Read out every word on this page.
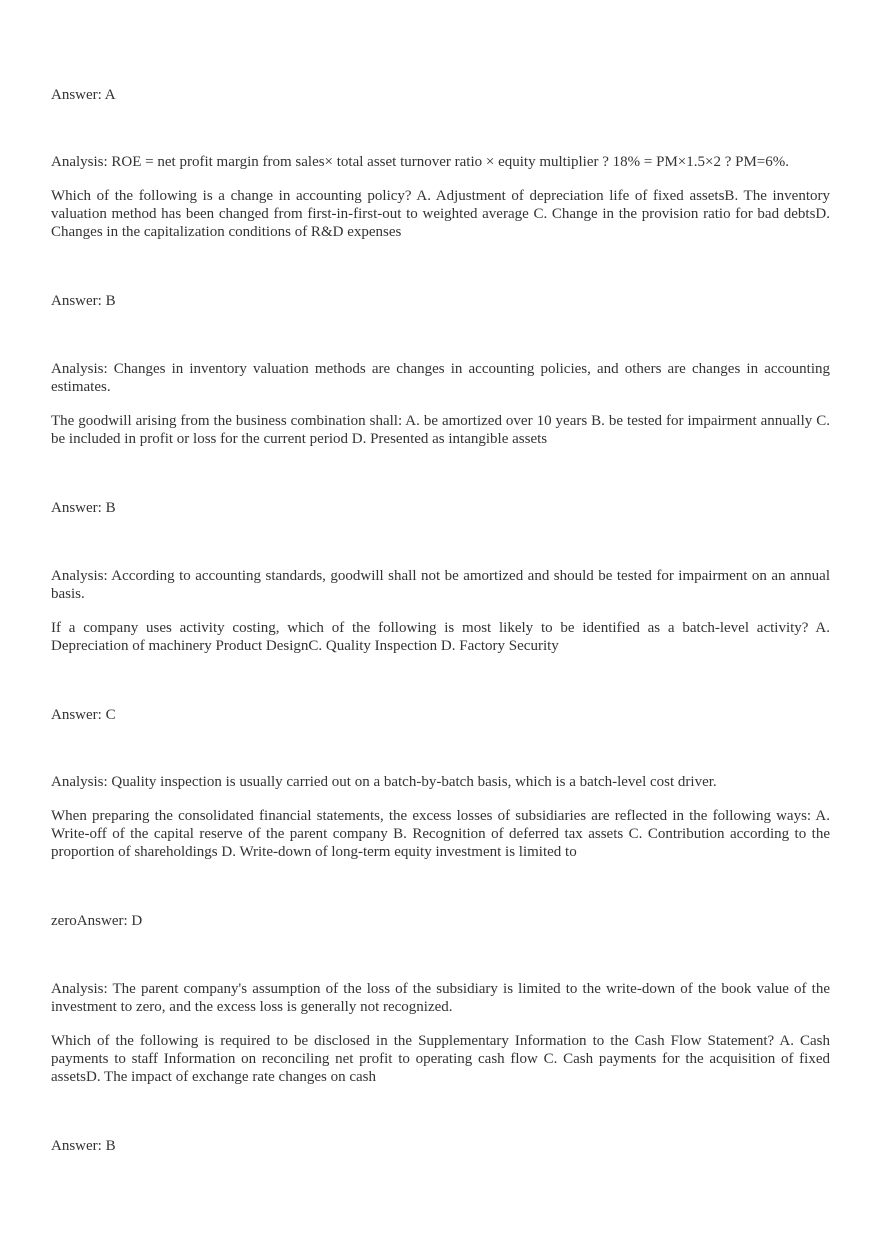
Answer: A

Analysis: ROE = net profit margin from sales× total asset turnover ratio × equity multiplier ? 18% = PM×1.5×2 ? PM=6%.

Which of the following is a change in accounting policy? A. Adjustment of depreciation life of fixed assetsB. The inventory valuation method has been changed from first-in-first-out to weighted average C. Change in the provision ratio for bad debtsD. Changes in the capitalization conditions of R&D expenses

Answer: B

Analysis: Changes in inventory valuation methods are changes in accounting policies, and others are changes in accounting estimates.

The goodwill arising from the business combination shall: A. be amortized over 10 years B. be tested for impairment annually C. be included in profit or loss for the current period D. Presented as intangible assets

Answer: B

Analysis: According to accounting standards, goodwill shall not be amortized and should be tested for impairment on an annual basis.

If a company uses activity costing, which of the following is most likely to be identified as a batch-level activity? A. Depreciation of machinery Product DesignC. Quality Inspection D. Factory Security

Answer: C

Analysis: Quality inspection is usually carried out on a batch-by-batch basis, which is a batch-level cost driver.

When preparing the consolidated financial statements, the excess losses of subsidiaries are reflected in the following ways: A. Write-off of the capital reserve of the parent company B. Recognition of deferred tax assets C. Contribution according to the proportion of shareholdings D. Write-down of long-term equity investment is limited to

zeroAnswer: D

Analysis: The parent company's assumption of the loss of the subsidiary is limited to the write-down of the book value of the investment to zero, and the excess loss is generally not recognized.

Which of the following is required to be disclosed in the Supplementary Information to the Cash Flow Statement? A. Cash payments to staff Information on reconciling net profit to operating cash flow C. Cash payments for the acquisition of fixed assetsD. The impact of exchange rate changes on cash

Answer: B
